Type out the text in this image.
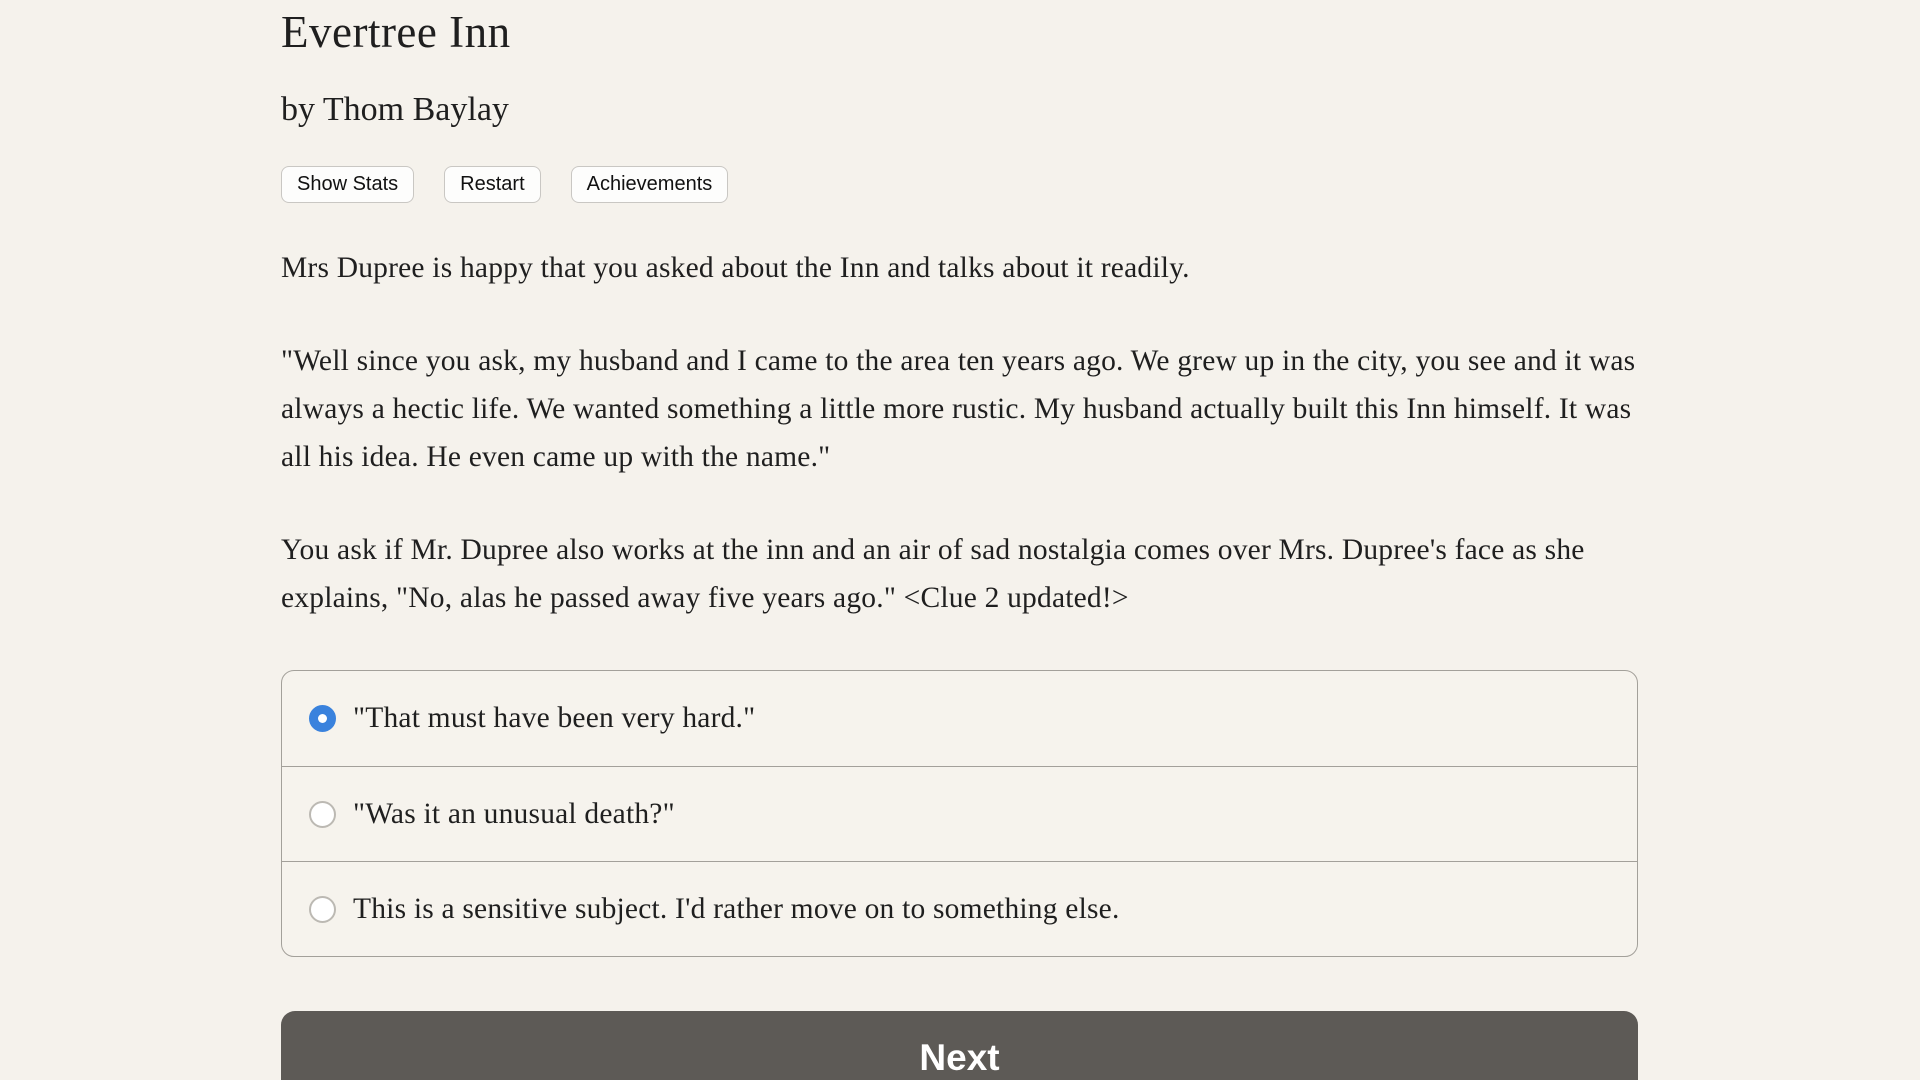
Evertree Inn
by Thom Baylay
Show Stats	Restart	Achievements

Mrs Dupree is happy that you asked about the Inn and talks about it readily.

"Well since you ask, my husband and I came to the area ten years ago. We grew up in the city, you see and it was always a hectic life. We wanted something a little more rustic. My husband actually built this Inn himself. It was all his idea. He even came up with the name."

You ask if Mr. Dupree also works at the inn and an air of sad nostalgia comes over Mrs. Dupree's face as she explains, "No, alas he passed away five years ago." <Clue 2 updated!>

"That must have been very hard."
"Was it an unusual death?"
This is a sensitive subject. I'd rather move on to something else.
Next
